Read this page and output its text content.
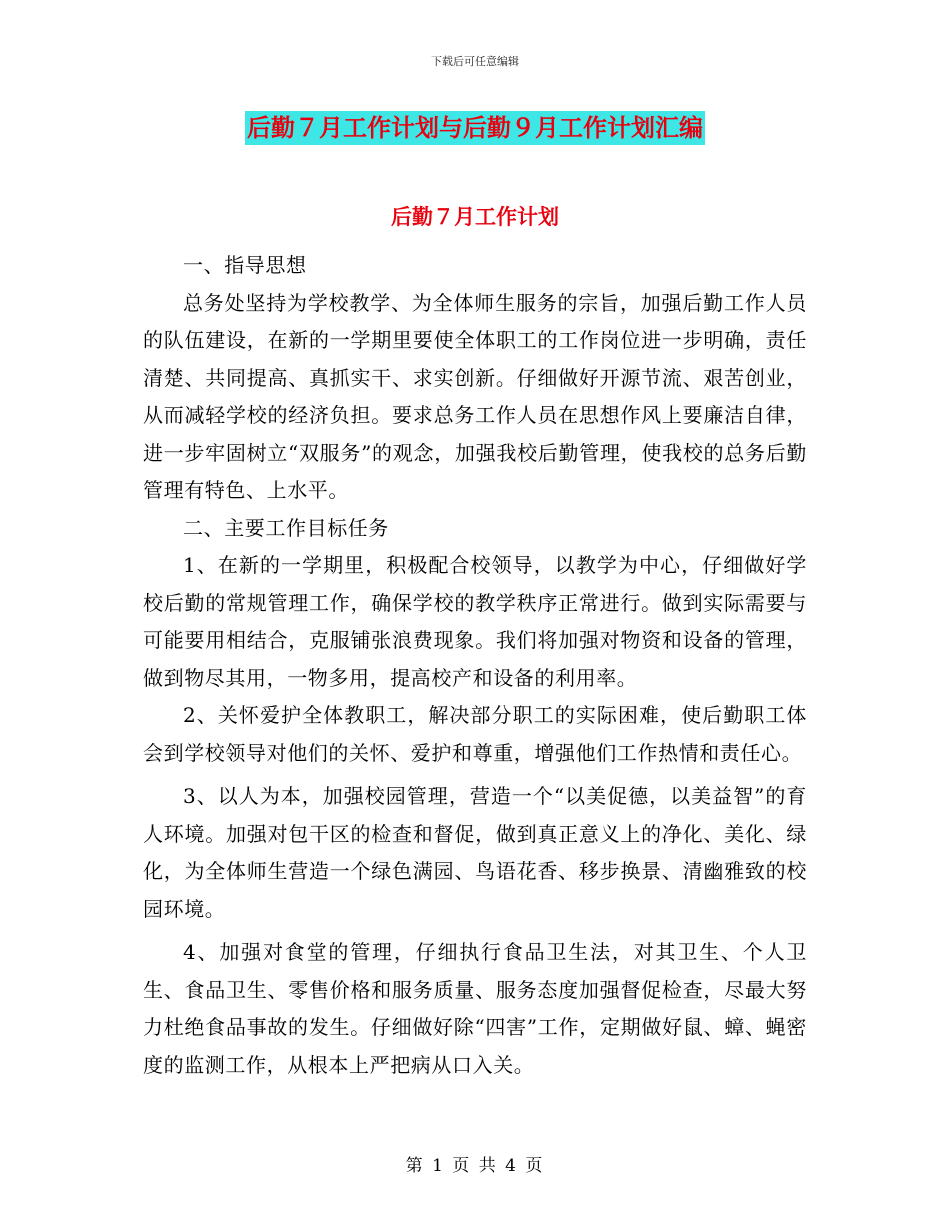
下载后可任意编辑
后勤７月工作计划与后勤９月工作计划汇编
后勤７月工作计划

一、指导思想

总务处坚持为学校教学、为全体师生服务的宗旨，加强后勤工作人员的队伍建设，在新的一学期里要使全体职工的工作岗位进一步明确，责任清楚、共同提高、真抓实干、求实创新。仔细做好开源节流、艰苦创业，从而减轻学校的经济负担。要求总务工作人员在思想作风上要廉洁自律，进一步牢固树立“双服务”的观念，加强我校后勤管理，使我校的总务后勤管理有特色、上水平。

二、主要工作目标任务

1、在新的一学期里，积极配合校领导，以教学为中心，仔细做好学校后勤的常规管理工作，确保学校的教学秩序正常进行。做到实际需要与可能要用相结合，克服铺张浪费现象。我们将加强对物资和设备的管理，做到物尽其用，一物多用，提高校产和设备的利用率。

2、关怀爱护全体教职工，解决部分职工的实际困难，使后勤职工体会到学校领导对他们的关怀、爱护和尊重，增强他们工作热情和责任心。

3、以人为本，加强校园管理，营造一个“以美促德，以美益智”的育人环境。加强对包干区的检查和督促，做到真正意义上的净化、美化、绿化，为全体师生营造一个绿色满园、鸟语花香、移步换景、清幽雅致的校园环境。

4、加强对食堂的管理，仔细执行食品卫生法，对其卫生、个人卫生、食品卫生、零售价格和服务质量、服务态度加强督促检查，尽最大努力杜绝食品事故的发生。仔细做好除“四害”工作，定期做好鼠、蟑、蝇密度的监测工作，从根本上严把病从口入关。

第 1 页 共 4 页
